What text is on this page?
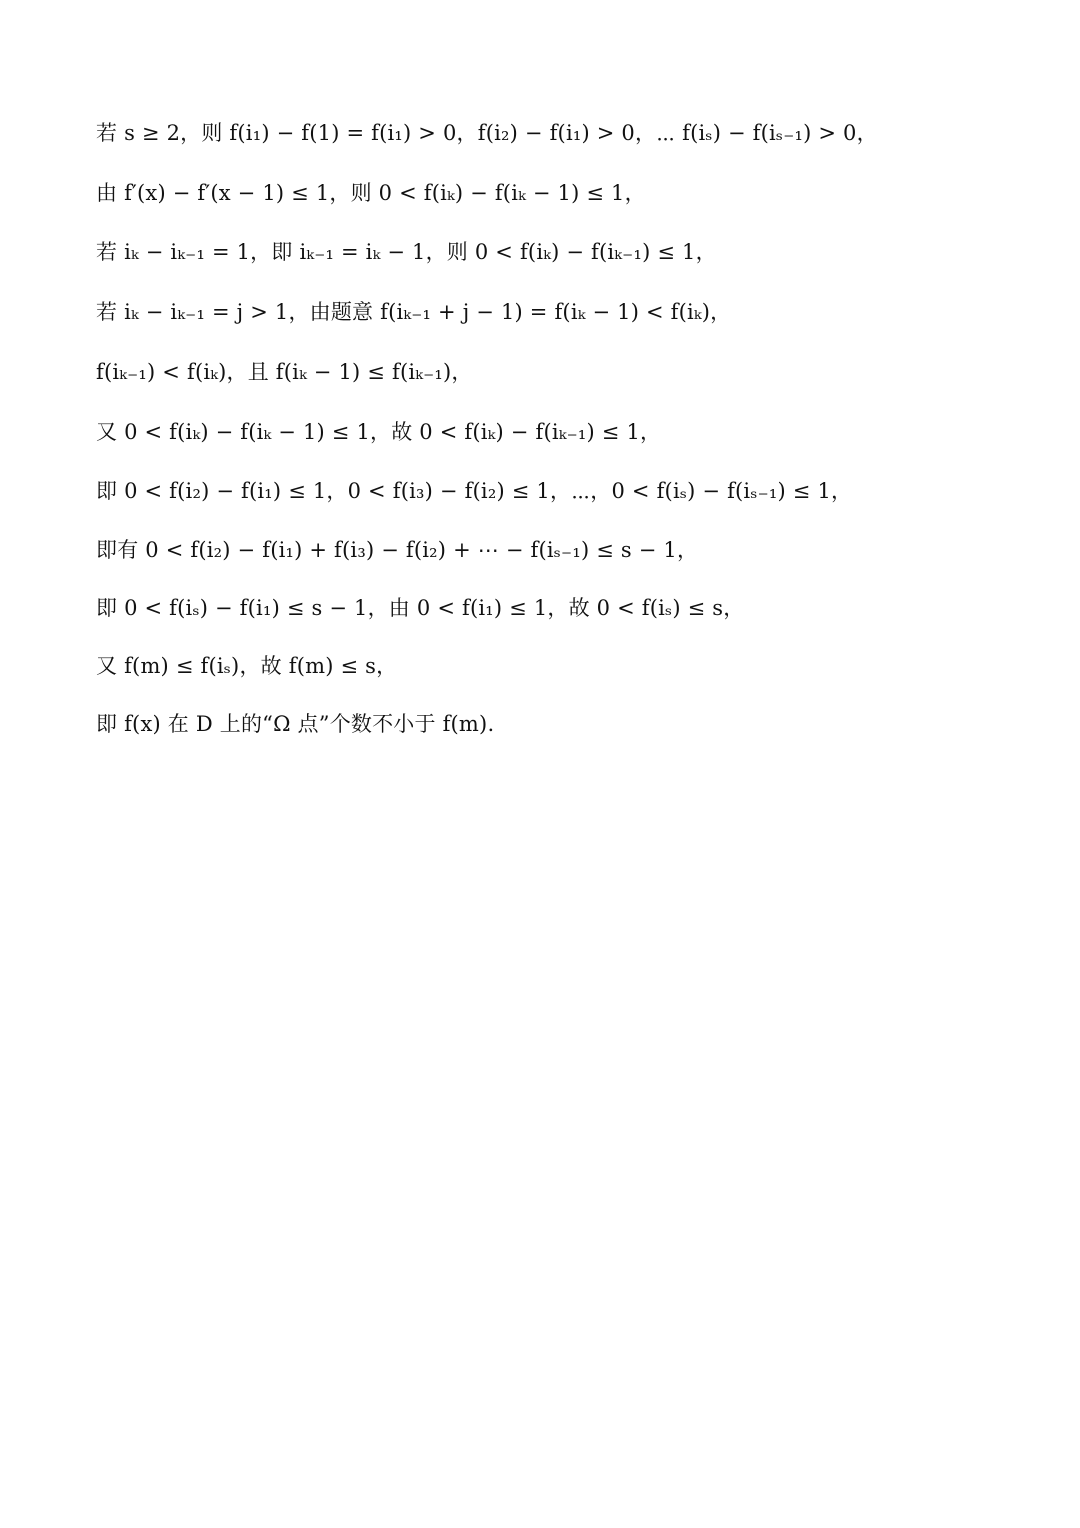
若 s ≥ 2，则 f(i₁) − f(1) = f(i₁) > 0，f(i₂) − f(i₁) > 0，⋯ f(iₛ) − f(iₛ₋₁) > 0，
由 f′(x) − f′(x − 1) ≤ 1，则 0 < f(iₖ) − f(iₖ − 1) ≤ 1，
若 iₖ − iₖ₋₁ = 1，即 iₖ₋₁ = iₖ − 1，则 0 < f(iₖ) − f(iₖ₋₁) ≤ 1，
若 iₖ − iₖ₋₁ = j > 1，由题意 f(iₖ₋₁ + j − 1) = f(iₖ − 1) < f(iₖ)，
f(iₖ₋₁) < f(iₖ)，且 f(iₖ − 1) ≤ f(iₖ₋₁)，
又 0 < f(iₖ) − f(iₖ − 1) ≤ 1，故 0 < f(iₖ) − f(iₖ₋₁) ≤ 1，
即 0 < f(i₂) − f(i₁) ≤ 1，0 < f(i₃) − f(i₂) ≤ 1，⋯，0 < f(iₛ) − f(iₛ₋₁) ≤ 1，
即有 0 < f(i₂) − f(i₁) + f(i₃) − f(i₂) + ⋯ − f(iₛ₋₁) ≤ s − 1，
即 0 < f(iₛ) − f(i₁) ≤ s − 1，由 0 < f(i₁) ≤ 1，故 0 < f(iₛ) ≤ s，
又 f(m) ≤ f(iₛ)，故 f(m) ≤ s，
即 f(x) 在 D 上的“Ω 点”个数不小于 f(m).
